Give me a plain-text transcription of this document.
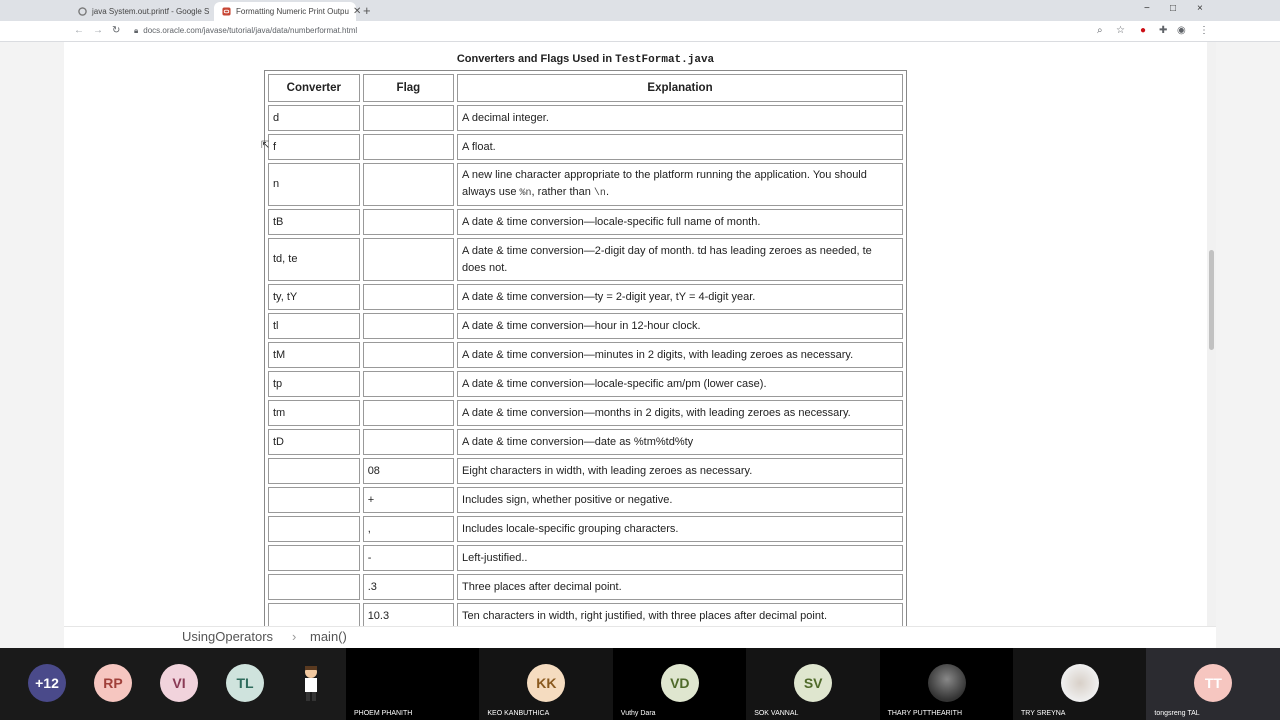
java System.out.printf - Google S	Formatting Numeric Print Outpu ✕ +	− □ ×
← → ↻ 🔒︎ docs.oracle.com/javase/tutorial/java/data/numberformat.html	⌕ ☆ ● ✚ ◉ ⋮
Converters and Flags Used in TestFormat.java
Converter	Flag	Explanation
d		A decimal integer.
f		A float.
n		A new line character appropriate to the platform running the application. You should always use %n, rather than \n.
tB		A date & time conversion—locale-specific full name of month.
td, te		A date & time conversion—2-digit day of month. td has leading zeroes as needed, te does not.
ty, tY		A date & time conversion—ty = 2-digit year, tY = 4-digit year.
tl		A date & time conversion—hour in 12-hour clock.
tM		A date & time conversion—minutes in 2 digits, with leading zeroes as necessary.
tp		A date & time conversion—locale-specific am/pm (lower case).
tm		A date & time conversion—months in 2 digits, with leading zeroes as necessary.
tD		A date & time conversion—date as %tm%td%ty
	08	Eight characters in width, with leading zeroes as necessary.
	+	Includes sign, whether positive or negative.
	,	Includes locale-specific grouping characters.
	-	Left-justified..
	.3	Three places after decimal point.
	10.3	Ten characters in width, right justified, with three places after decimal point.
⇱
UsingOperators › main()
+12	RP	VI	TL
PHOEM PHANITH
KK
KEO KANBUTHICA
VD
Vuthy Dara
SV
SOK VANNAL	THARY PUTTHEARITH	TRY SREYNA
TT
tongsreng TAL
